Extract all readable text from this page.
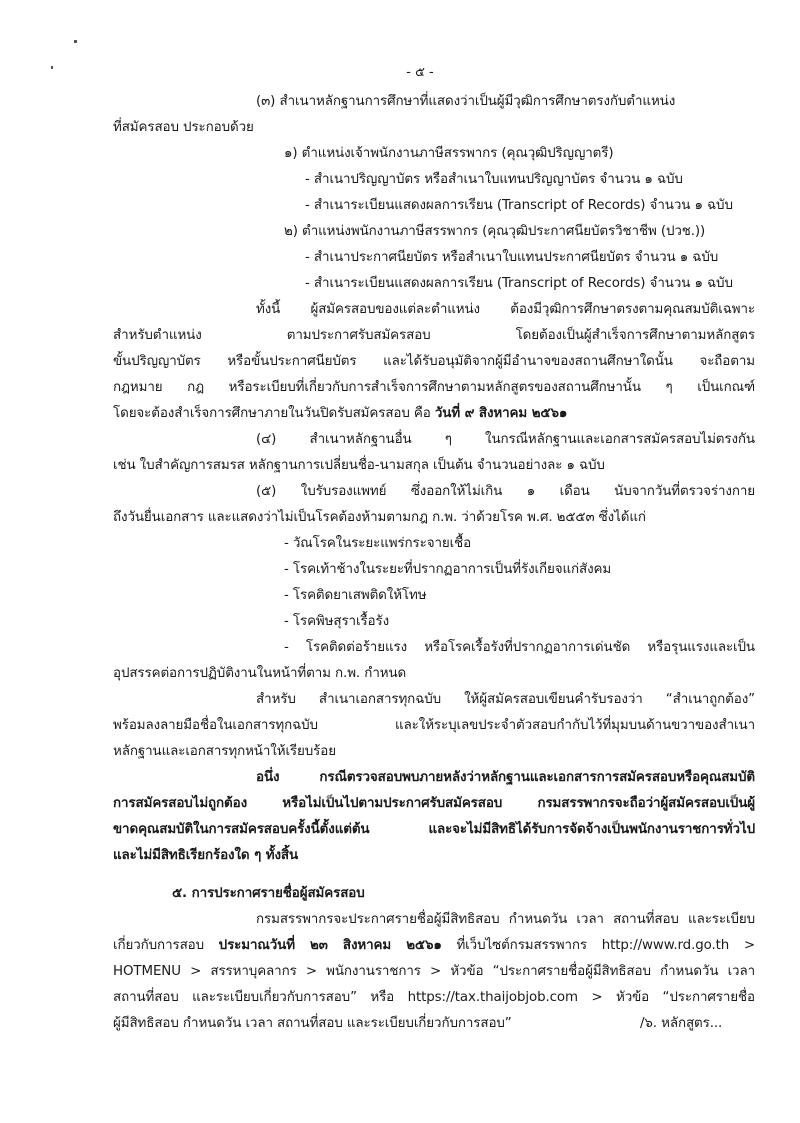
- ๕ -
(๓) สำเนาหลักฐานการศึกษาที่แสดงว่าเป็นผู้มีวุฒิการศึกษาตรงกับตำแหน่ง
ที่สมัครสอบ ประกอบด้วย
๑) ตำแหน่งเจ้าพนักงานภาษีสรรพากร (คุณวุฒิปริญญาตรี)
- สำเนาปริญญาบัตร หรือสำเนาใบแทนปริญญาบัตร จำนวน ๑ ฉบับ
- สำเนาระเบียนแสดงผลการเรียน (Transcript of Records) จำนวน ๑ ฉบับ
๒) ตำแหน่งพนักงานภาษีสรรพากร (คุณวุฒิประกาศนียบัตรวิชาชีพ (ปวช.))
- สำเนาประกาศนียบัตร หรือสำเนาใบแทนประกาศนียบัตร จำนวน ๑ ฉบับ
- สำเนาระเบียนแสดงผลการเรียน (Transcript of Records) จำนวน ๑ ฉบับ
ทั้งนี้ ผู้สมัครสอบของแต่ละตำแหน่ง ต้องมีวุฒิการศึกษาตรงตามคุณสมบัติเฉพาะ
สำหรับตำแหน่ง ตามประกาศรับสมัครสอบ โดยต้องเป็นผู้สำเร็จการศึกษาตามหลักสูตร
ขั้นปริญญาบัตร หรือขั้นประกาศนียบัตร และได้รับอนุมัติจากผู้มีอำนาจของสถานศึกษาใดนั้น จะถือตาม
กฎหมาย กฎ หรือระเบียบที่เกี่ยวกับการสำเร็จการศึกษาตามหลักสูตรของสถานศึกษานั้น ๆ เป็นเกณฑ์
โดยจะต้องสำเร็จการศึกษาภายในวันปิดรับสมัครสอบ คือ วันที่ ๙ สิงหาคม ๒๕๖๑
(๔) สำเนาหลักฐานอื่น ๆ ในกรณีหลักฐานและเอกสารสมัครสอบไม่ตรงกัน
เช่น ใบสำคัญการสมรส หลักฐานการเปลี่ยนชื่อ-นามสกุล เป็นต้น จำนวนอย่างละ ๑ ฉบับ
(๕) ใบรับรองแพทย์ ซึ่งออกให้ไม่เกิน ๑ เดือน นับจากวันที่ตรวจร่างกาย
ถึงวันยื่นเอกสาร และแสดงว่าไม่เป็นโรคต้องห้ามตามกฎ ก.พ. ว่าด้วยโรค พ.ศ. ๒๕๕๓ ซึ่งได้แก่
- วัณโรคในระยะแพร่กระจายเชื้อ
- โรคเท้าช้างในระยะที่ปรากฏอาการเป็นที่รังเกียจแก่สังคม
- โรคติดยาเสพติดให้โทษ
- โรคพิษสุราเรื้อรัง
- โรคติดต่อร้ายแรง หรือโรคเรื้อรังที่ปรากฏอาการเด่นชัด หรือรุนแรงและเป็น
อุปสรรคต่อการปฏิบัติงานในหน้าที่ตาม ก.พ. กำหนด
สำหรับ สำเนาเอกสารทุกฉบับ ให้ผู้สมัครสอบเขียนคำรับรองว่า “สำเนาถูกต้อง”
พร้อมลงลายมือชื่อในเอกสารทุกฉบับ และให้ระบุเลขประจำตัวสอบกำกับไว้ที่มุมบนด้านขวาของสำเนา
หลักฐานและเอกสารทุกหน้าให้เรียบร้อย
อนึ่ง กรณีตรวจสอบพบภายหลังว่าหลักฐานและเอกสารการสมัครสอบหรือคุณสมบัติ
การสมัครสอบไม่ถูกต้อง หรือไม่เป็นไปตามประกาศรับสมัครสอบ กรมสรรพากรจะถือว่าผู้สมัครสอบเป็นผู้
ขาดคุณสมบัติในการสมัครสอบครั้งนี้ตั้งแต่ต้น และจะไม่มีสิทธิได้รับการจัดจ้างเป็นพนักงานราชการทั่วไป
และไม่มีสิทธิเรียกร้องใด ๆ ทั้งสิ้น
๕. การประกาศรายชื่อผู้สมัครสอบ
กรมสรรพากรจะประกาศรายชื่อผู้มีสิทธิสอบ กำหนดวัน เวลา สถานที่สอบ และระเบียบ
เกี่ยวกับการสอบ ประมาณวันที่ ๒๓ สิงหาคม ๒๕๖๑ ที่เว็บไซต์กรมสรรพากร http://www.rd.go.th >
HOTMENU > สรรหาบุคลากร > พนักงานราชการ > หัวข้อ “ประกาศรายชื่อผู้มีสิทธิสอบ กำหนดวัน เวลา
สถานที่สอบ และระเบียบเกี่ยวกับการสอบ” หรือ https://tax.thaijobjob.com > หัวข้อ “ประกาศรายชื่อ
ผู้มีสิทธิสอบ กำหนดวัน เวลา สถานที่สอบ และระเบียบเกี่ยวกับการสอบ”	/๖. หลักสูตร...
